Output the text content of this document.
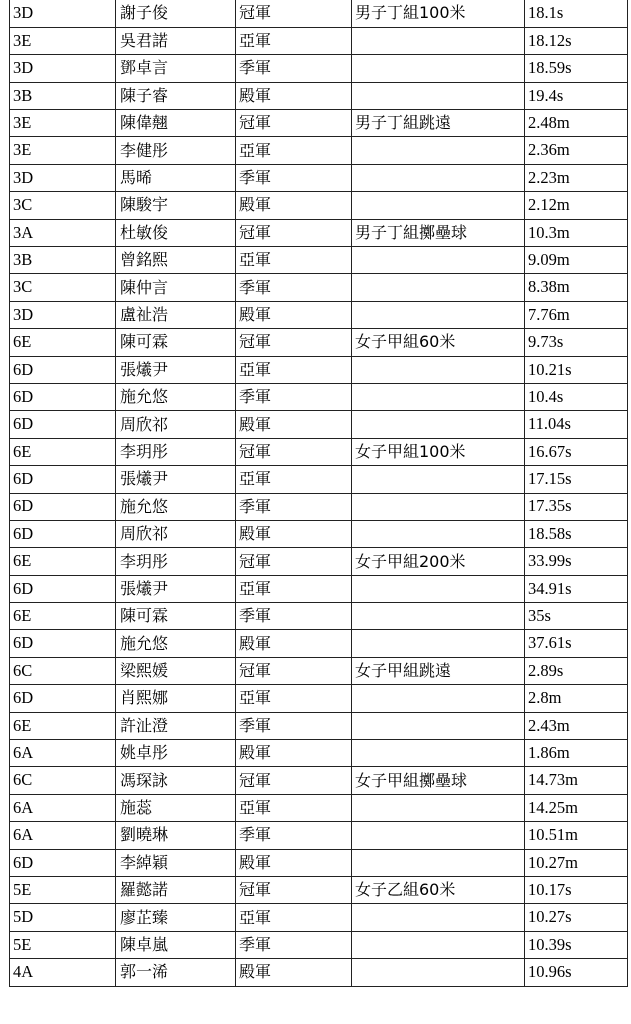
3D	謝子俊	冠軍	男子丁組100米	18.1s
3E	吳君諾	亞軍		18.12s
3D	鄧卓言	季軍		18.59s
3B	陳子睿	殿軍		19.4s
3E	陳偉翹	冠軍	男子丁組跳遠	2.48m
3E	李健彤	亞軍		2.36m
3D	馬晞	季軍		2.23m
3C	陳駿宇	殿軍		2.12m
3A	杜敏俊	冠軍	男子丁組擲壘球	10.3m
3B	曾銘熙	亞軍		9.09m
3C	陳仲言	季軍		8.38m
3D	盧祉浩	殿軍		7.76m
6E	陳可霖	冠軍	女子甲組60米	9.73s
6D	張爔尹	亞軍		10.21s
6D	施允悠	季軍		10.4s
6D	周欣祁	殿軍		11.04s
6E	李玥彤	冠軍	女子甲組100米	16.67s
6D	張爔尹	亞軍		17.15s
6D	施允悠	季軍		17.35s
6D	周欣祁	殿軍		18.58s
6E	李玥彤	冠軍	女子甲組200米	33.99s
6D	張爔尹	亞軍		34.91s
6E	陳可霖	季軍		35s
6D	施允悠	殿軍		37.61s
6C	梁熙媛	冠軍	女子甲組跳遠	2.89s
6D	肖熙娜	亞軍		2.8m
6E	許沚澄	季軍		2.43m
6A	姚卓彤	殿軍		1.86m
6C	馮琛詠	冠軍	女子甲組擲壘球	14.73m
6A	施蕊	亞軍		14.25m
6A	劉曉琳	季軍		10.51m
6D	李綽穎	殿軍		10.27m
5E	羅懿諾	冠軍	女子乙組60米	10.17s
5D	廖芷臻	亞軍		10.27s
5E	陳卓嵐	季軍		10.39s
4A	郭一浠	殿軍		10.96s
